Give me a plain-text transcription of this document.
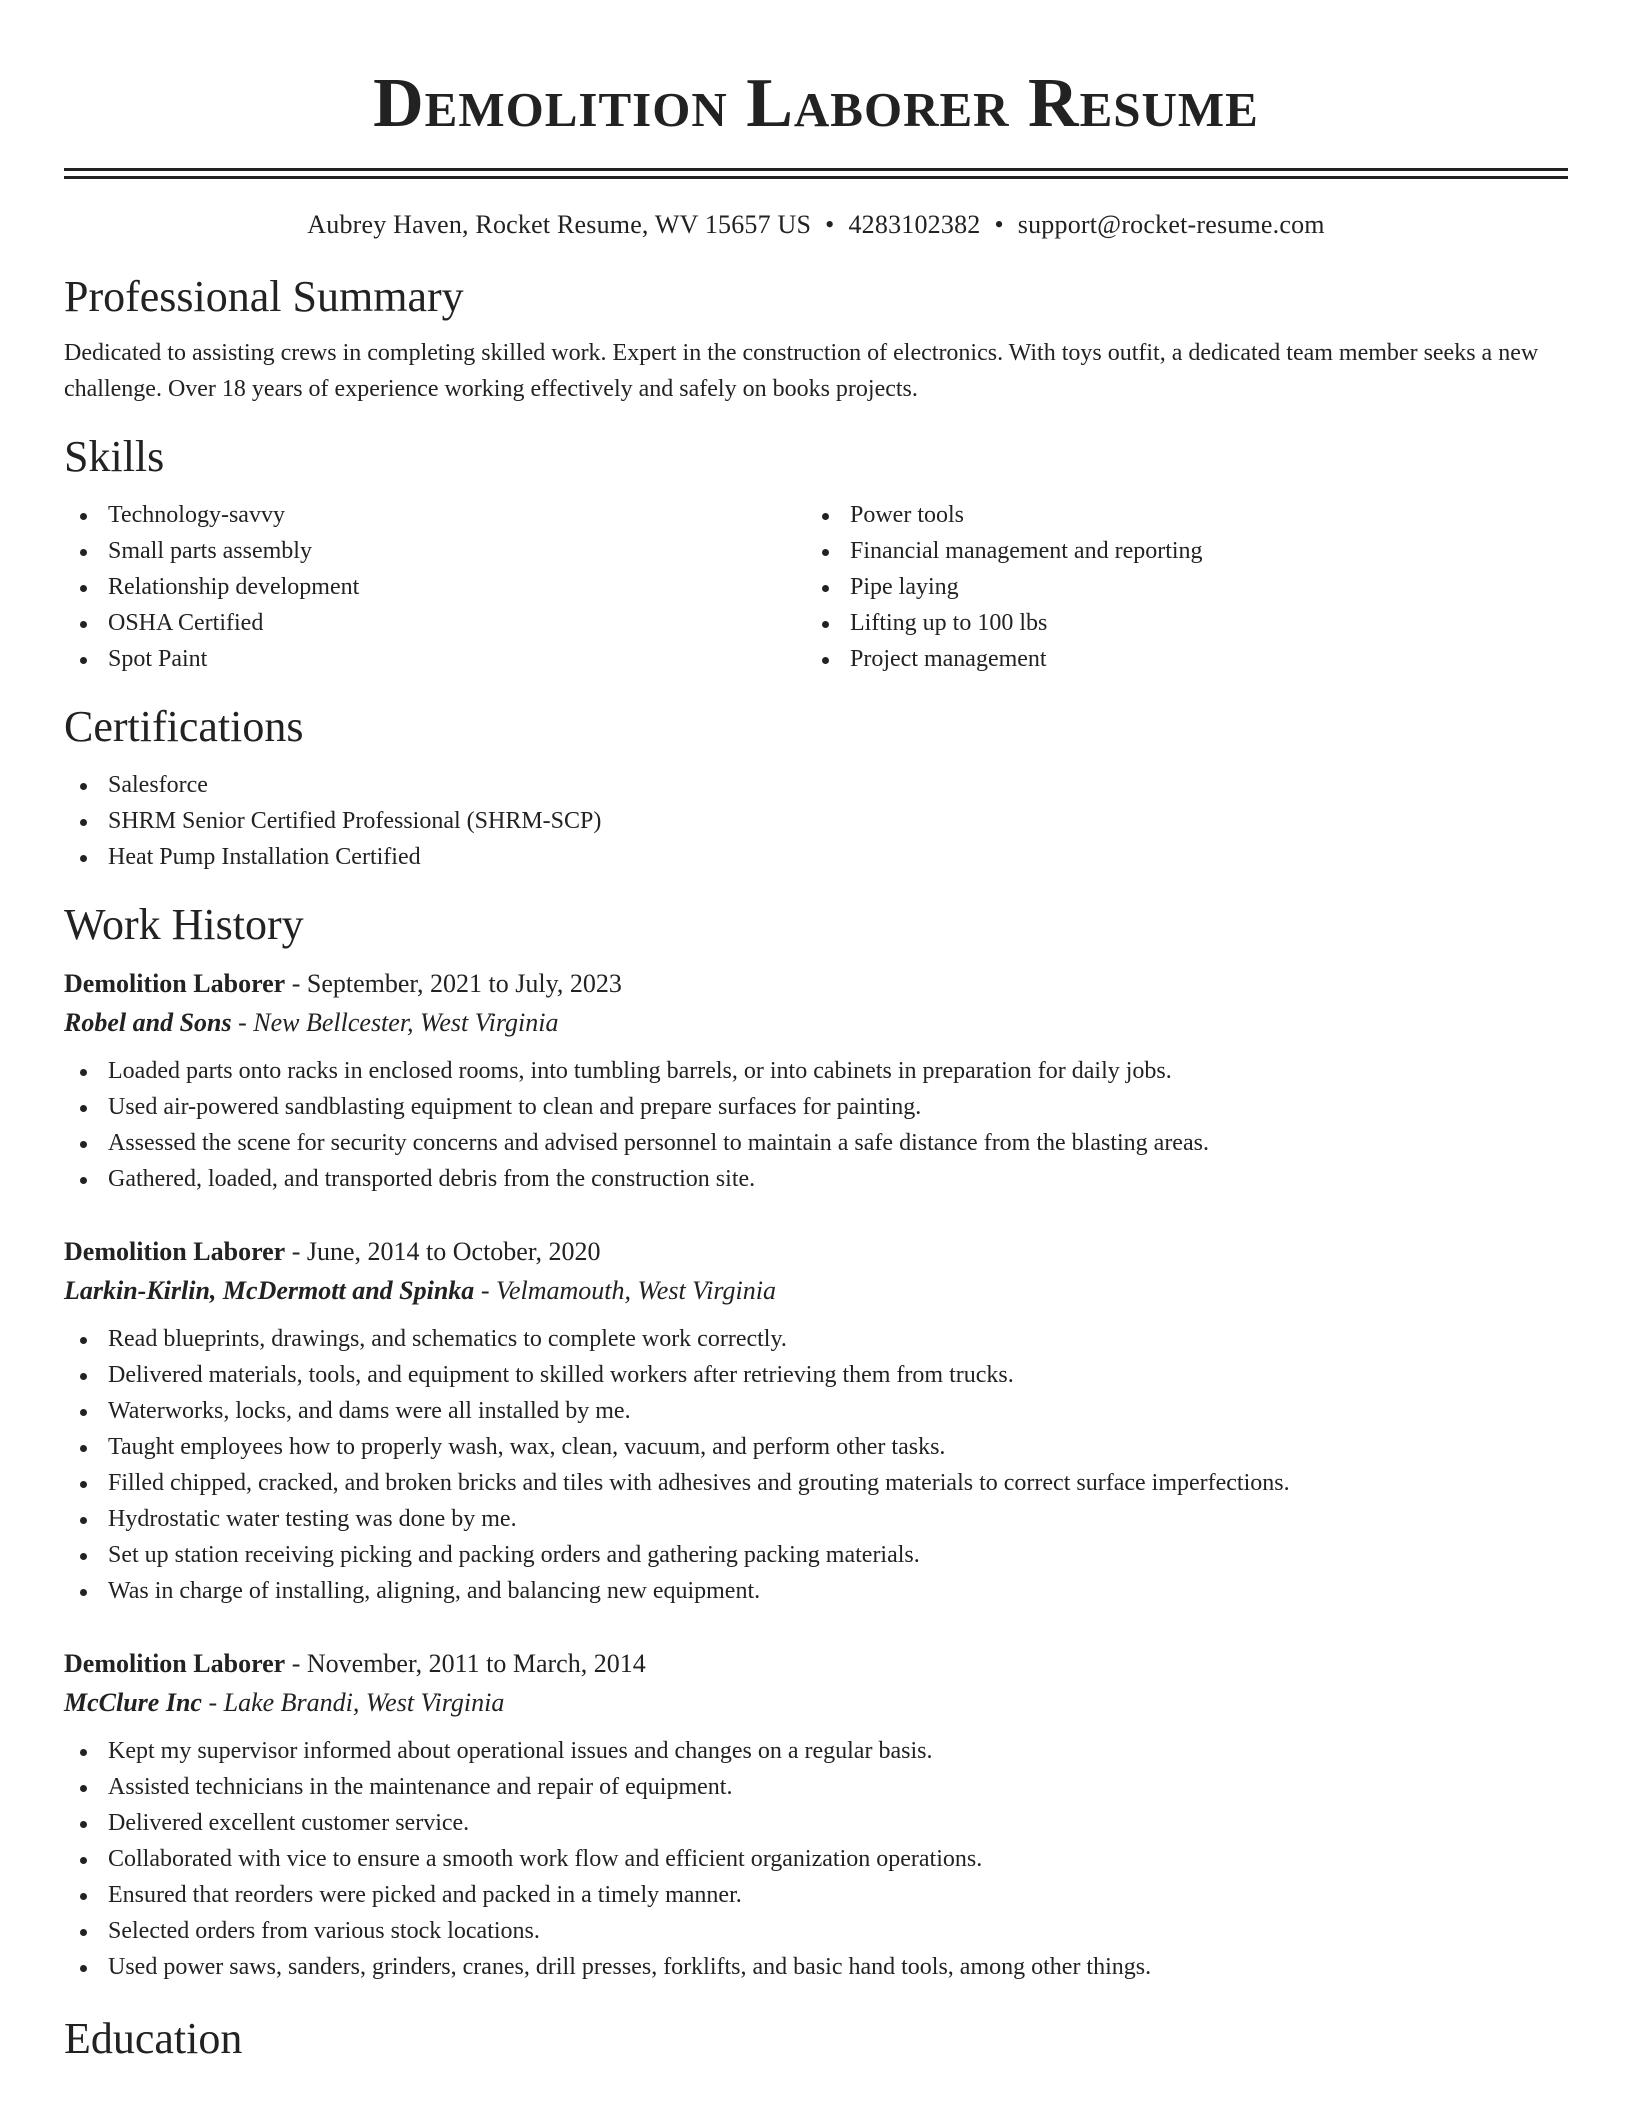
Demolition Laborer Resume
Aubrey Haven, Rocket Resume, WV 15657 US • 4283102382 • support@rocket-resume.com
Professional Summary
Dedicated to assisting crews in completing skilled work. Expert in the construction of electronics. With toys outfit, a dedicated team member seeks a new challenge. Over 18 years of experience working effectively and safely on books projects.
Skills
Technology-savvy
Small parts assembly
Relationship development
OSHA Certified
Spot Paint
Power tools
Financial management and reporting
Pipe laying
Lifting up to 100 lbs
Project management
Certifications
Salesforce
SHRM Senior Certified Professional (SHRM-SCP)
Heat Pump Installation Certified
Work History
Demolition Laborer - September, 2021 to July, 2023
Robel and Sons - New Bellcester, West Virginia
Loaded parts onto racks in enclosed rooms, into tumbling barrels, or into cabinets in preparation for daily jobs.
Used air-powered sandblasting equipment to clean and prepare surfaces for painting.
Assessed the scene for security concerns and advised personnel to maintain a safe distance from the blasting areas.
Gathered, loaded, and transported debris from the construction site.
Demolition Laborer - June, 2014 to October, 2020
Larkin-Kirlin, McDermott and Spinka - Velmamouth, West Virginia
Read blueprints, drawings, and schematics to complete work correctly.
Delivered materials, tools, and equipment to skilled workers after retrieving them from trucks.
Waterworks, locks, and dams were all installed by me.
Taught employees how to properly wash, wax, clean, vacuum, and perform other tasks.
Filled chipped, cracked, and broken bricks and tiles with adhesives and grouting materials to correct surface imperfections.
Hydrostatic water testing was done by me.
Set up station receiving picking and packing orders and gathering packing materials.
Was in charge of installing, aligning, and balancing new equipment.
Demolition Laborer - November, 2011 to March, 2014
McClure Inc - Lake Brandi, West Virginia
Kept my supervisor informed about operational issues and changes on a regular basis.
Assisted technicians in the maintenance and repair of equipment.
Delivered excellent customer service.
Collaborated with vice to ensure a smooth work flow and efficient organization operations.
Ensured that reorders were picked and packed in a timely manner.
Selected orders from various stock locations.
Used power saws, sanders, grinders, cranes, drill presses, forklifts, and basic hand tools, among other things.
Education
